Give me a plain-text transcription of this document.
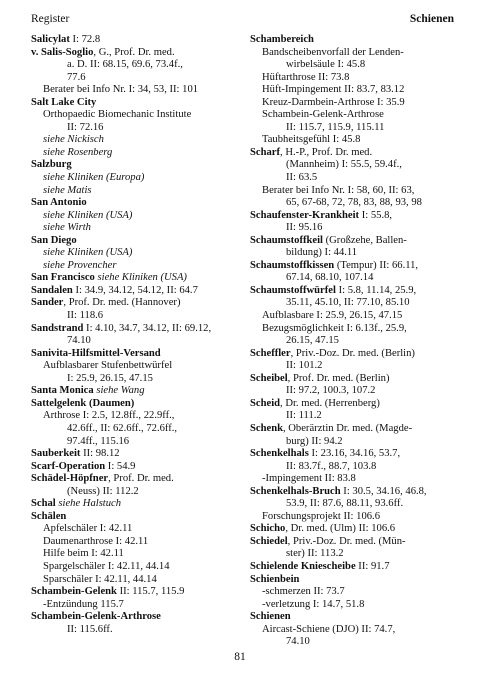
Register	Schienen
Salicylat I: 72.8
v. Salis-Soglio, G., Prof. Dr. med.
a. D. II: 68.15, 69.6, 73.4f.,
77.6
Berater bei Info Nr. I: 34, 53, II: 101
Salt Lake City
Orthopaedic Biomechanic Institute
II: 72.16
siehe Nickisch
siehe Rosenberg
Salzburg
siehe Kliniken (Europa)
siehe Matis
San Antonio
siehe Kliniken (USA)
siehe Wirth
San Diego
siehe Kliniken (USA)
siehe Provencher
San Francisco siehe Kliniken (USA)
Sandalen I: 34.9, 34.12, 54.12, II: 64.7
Sander, Prof. Dr. med. (Hannover)
II: 118.6
Sandstrand I: 4.10, 34.7, 34.12, II: 69.12,
74.10
Sanivita-Hilfsmittel-Versand
Aufblasbarer Stufenbettwürfel
I: 25.9, 26.15, 47.15
Santa Monica siehe Wang
Sattelgelenk (Daumen)
Arthrose I: 2.5, 12.8ff., 22.9ff.,
42.6ff., II: 62.6ff., 72.6ff.,
97.4ff., 115.16
Sauberkeit II: 98.12
Scarf-Operation I: 54.9
Schädel-Höpfner, Prof. Dr. med.
(Neuss) II: 112.2
Schal siehe Halstuch
Schälen
Apfelschäler I: 42.11
Daumenarthrose I: 42.11
Hilfe beim I: 42.11
Spargelschäler I: 42.11, 44.14
Sparschäler I: 42.11, 44.14
Schambein-Gelenk II: 115.7, 115.9
-Entzündung 115.7
Schambein-Gelenk-Arthrose
II: 115.6ff.
Schambereich
Bandscheibenvorfall der Lenden-
wirbelsäule I: 45.8
Hüftarthrose II: 73.8
Hüft-Impingement II: 83.7, 83.12
Kreuz-Darmbein-Arthrose I: 35.9
Schambein-Gelenk-Arthrose
II: 115.7, 115.9, 115.11
Taubheitsgefühl I: 45.8
Scharf, H.-P., Prof. Dr. med.
(Mannheim) I: 55.5, 59.4f.,
II: 63.5
Berater bei Info Nr. I: 58, 60, II: 63,
65, 67-68, 72, 78, 83, 88, 93, 98
Schaufenster-Krankheit I: 55.8,
II: 95.16
Schaumstoffkeil (Großzehe, Ballen-
bildung) I: 44.11
Schaumstoffkissen (Tempur) II: 66.11,
67.14, 68.10, 107.14
Schaumstoffwürfel I: 5.8, 11.14, 25.9,
35.11, 45.10, II: 77.10, 85.10
Aufblasbare I: 25.9, 26.15, 47.15
Bezugsmöglichkeit I: 6.13f., 25.9,
26.15, 47.15
Scheffler, Priv.-Doz. Dr. med. (Berlin)
II: 101.2
Scheibel, Prof. Dr. med. (Berlin)
II: 97.2, 100.3, 107.2
Scheid, Dr. med. (Herrenberg)
II: 111.2
Schenk, Oberärztin Dr. med. (Magde-
burg) II: 94.2
Schenkelhals I: 23.16, 34.16, 53.7,
II: 83.7f., 88.7, 103.8
-Impingement II: 83.8
Schenkelhals-Bruch I: 30.5, 34.16, 46.8,
53.9, II: 87.6, 88.11, 93.6ff.
Forschungsprojekt II: 106.6
Schicho, Dr. med. (Ulm) II: 106.6
Schiedel, Priv.-Doz. Dr. med. (Mün-
ster) II: 113.2
Schielende Kniescheibe II: 91.7
Schienbein
-schmerzen II: 73.7
-verletzung I: 14.7, 51.8
Schienen
Aircast-Schiene (DJO) II: 74.7,
74.10
81
